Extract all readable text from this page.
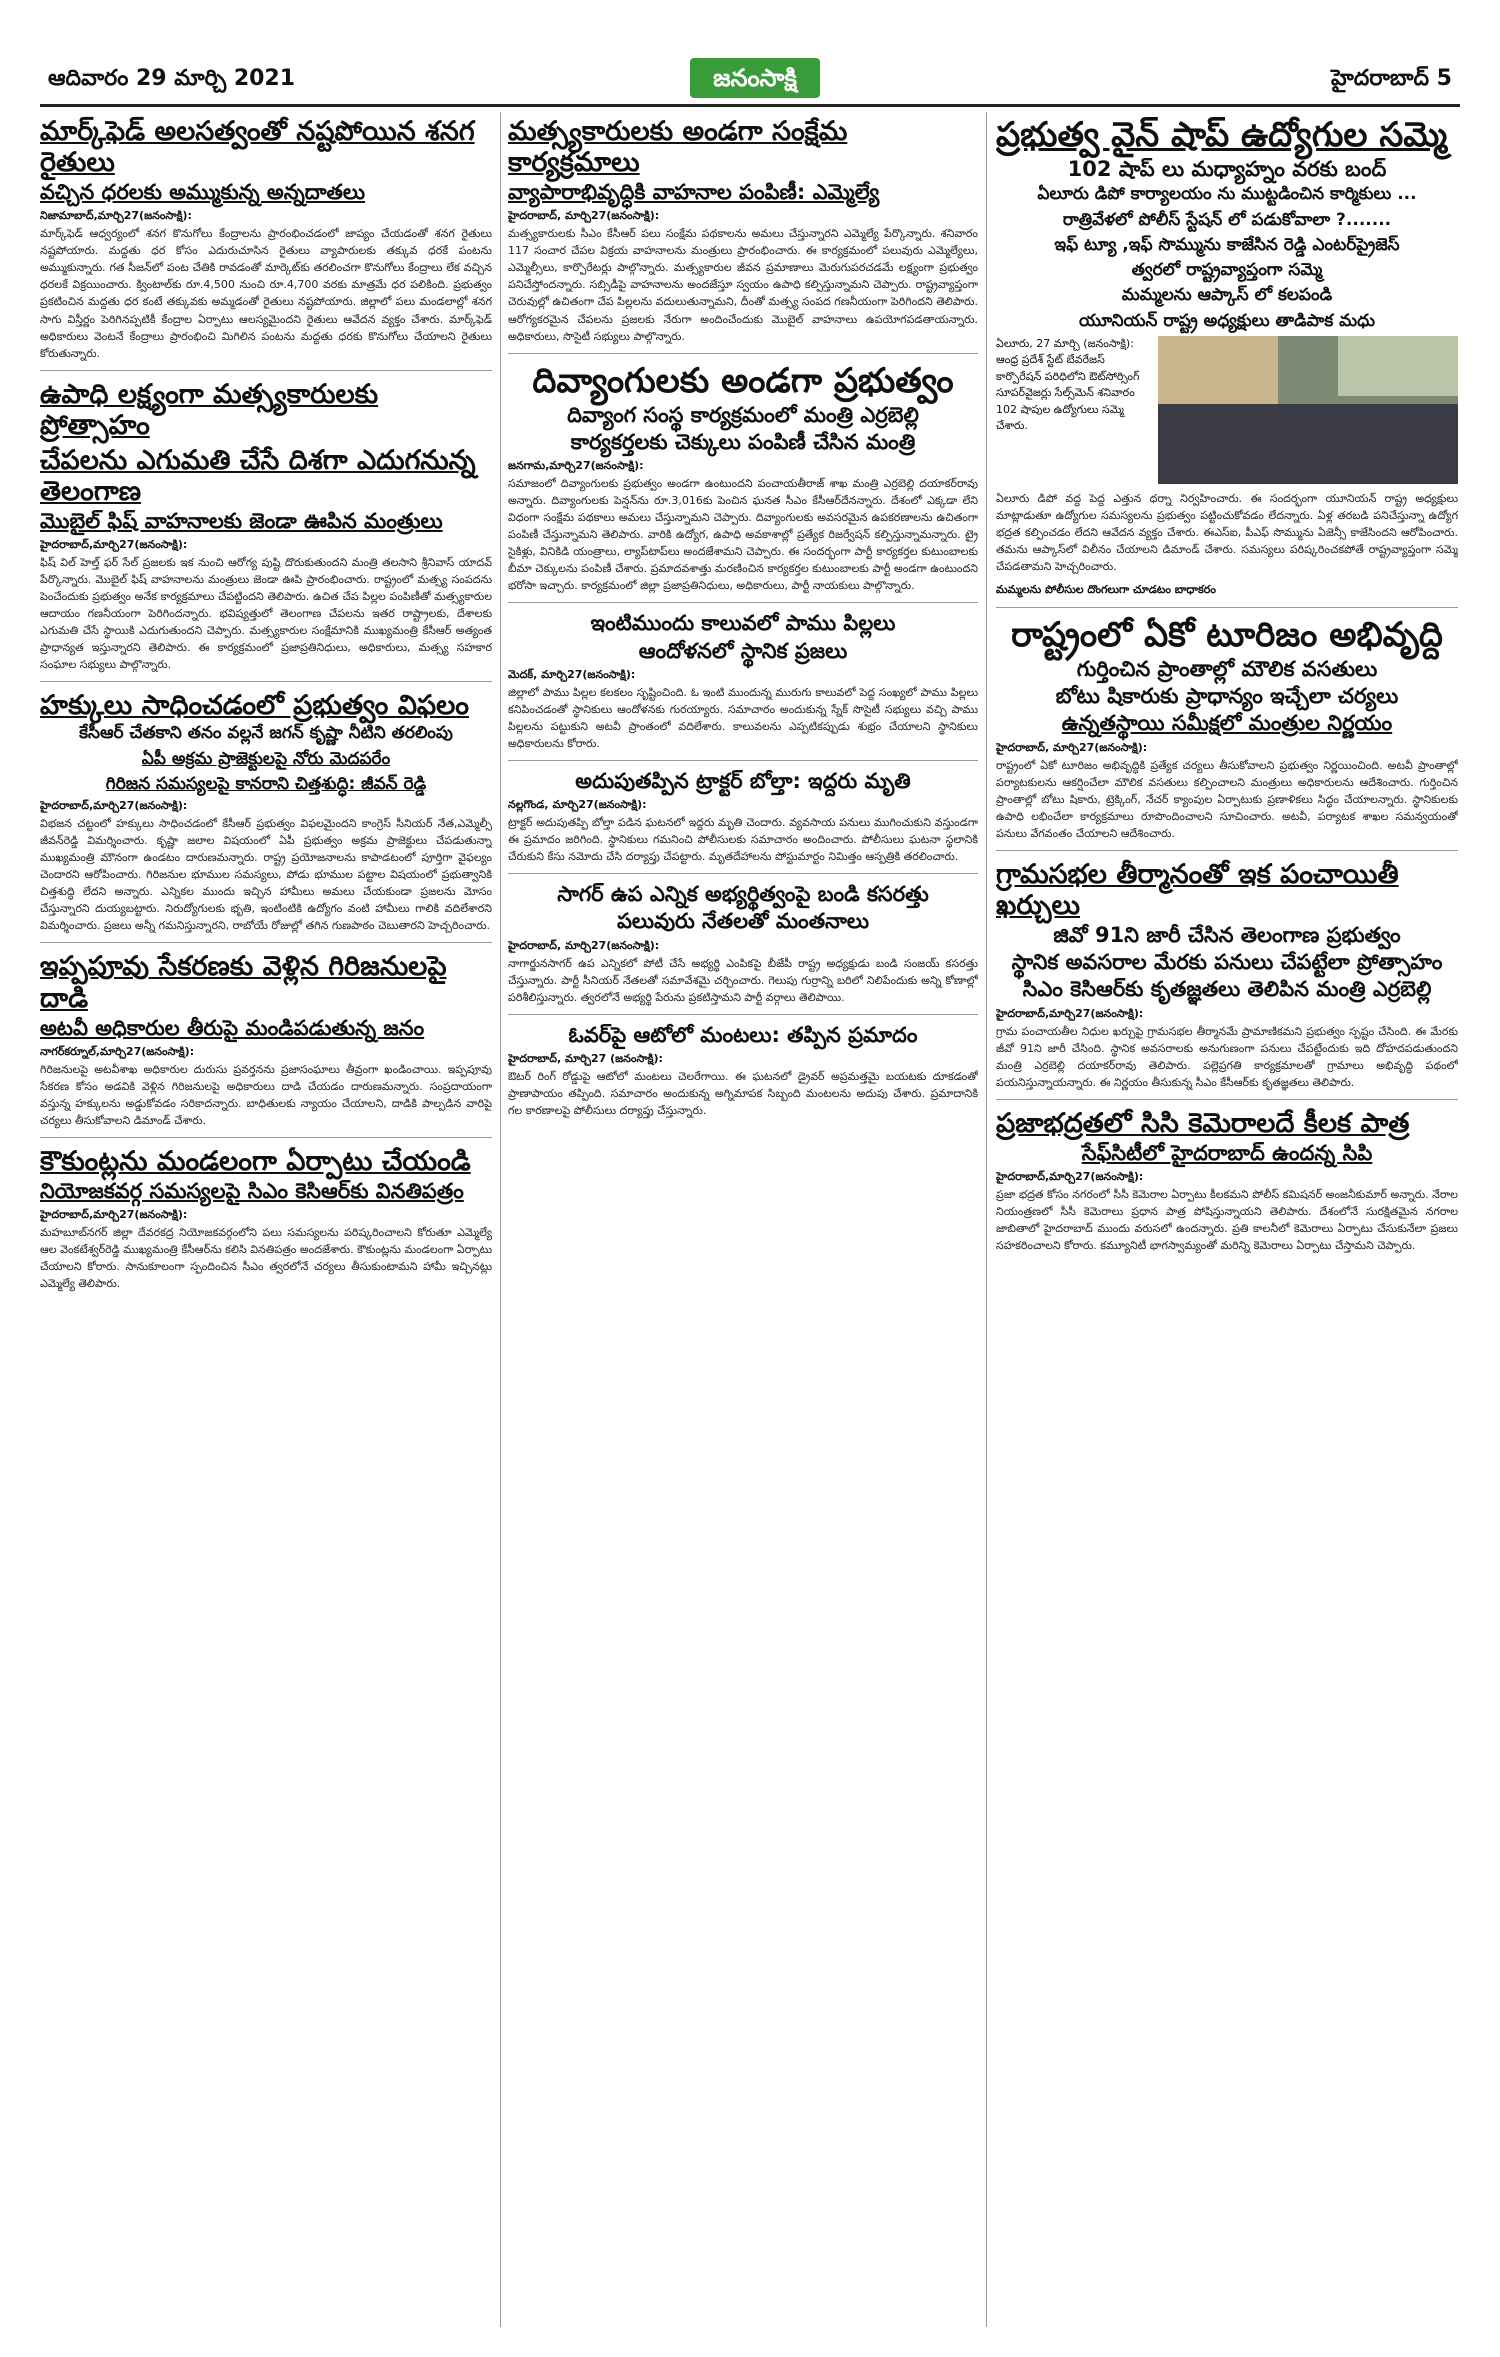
ఆదివారం 29 మార్చి 2021	జనంసాక్షి	హైదరాబాద్ 5
మార్క్‌ఫెడ్ అలసత్వంతో నష్టపోయిన శనగ రైతులు
వచ్చిన ధరలకు అమ్ముకున్న అన్నదాతలు
నిజామాబాద్,మార్చి27(జనంసాక్షి):

మార్క్‌ఫెడ్ ఆధ్వర్యంలో శనగ కొనుగోలు కేంద్రాలను ప్రారంభించడంలో జాప్యం చేయడంతో శనగ రైతులు నష్టపోయారు. మద్దతు ధర కోసం ఎదురుచూసిన రైతులు వ్యాపారులకు తక్కువ ధరకే పంటను అమ్ముకున్నారు. గత సీజన్‌లో పంట చేతికి రావడంతో మార్కెట్‌కు తరలించగా కొనుగోలు కేంద్రాలు లేక వచ్చిన ధరలకే విక్రయించారు. క్వింటాల్‌కు రూ.4,500 నుంచి రూ.4,700 వరకు మాత్రమే ధర పలికింది. ప్రభుత్వం ప్రకటించిన మద్దతు ధర కంటే తక్కువకు అమ్మడంతో రైతులు నష్టపోయారు. జిల్లాలో పలు మండలాల్లో శనగ సాగు విస్తీర్ణం పెరిగినప్పటికీ కేంద్రాల ఏర్పాటు ఆలస్యమైందని రైతులు ఆవేదన వ్యక్తం చేశారు. మార్క్‌ఫెడ్ అధికారులు వెంటనే కేంద్రాలు ప్రారంభించి మిగిలిన పంటను మద్దతు ధరకు కొనుగోలు చేయాలని రైతులు కోరుతున్నారు.

ఉపాధి లక్ష్యంగా మత్స్యకారులకు ప్రోత్సాహం
చేపలను ఎగుమతి చేసే దిశగా ఎదుగనున్న తెలంగాణ
మొబైల్ ఫిష్ వాహనాలకు జెండా ఊపిన మంత్రులు
హైదరాబాద్,మార్చి27(జనంసాక్షి):

ఫిష్ విల్ హెల్త్ ఫర్ సేల్ ప్రజలకు ఇక నుంచి ఆరోగ్య పుష్టి దొరుకుతుందని మంత్రి తలసాని శ్రీనివాస్ యాదవ్ పేర్కొన్నారు. మొబైల్ ఫిష్ వాహనాలను మంత్రులు జెండా ఊపి ప్రారంభించారు. రాష్ట్రంలో మత్స్య సంపదను పెంచేందుకు ప్రభుత్వం అనేక కార్యక్రమాలు చేపట్టిందని తెలిపారు. ఉచిత చేప పిల్లల పంపిణీతో మత్స్యకారుల ఆదాయం గణనీయంగా పెరిగిందన్నారు. భవిష్యత్తులో తెలంగాణ చేపలను ఇతర రాష్ట్రాలకు, దేశాలకు ఎగుమతి చేసే స్థాయికి ఎదుగుతుందని చెప్పారు. మత్స్యకారుల సంక్షేమానికి ముఖ్యమంత్రి కేసీఆర్ అత్యంత ప్రాధాన్యత ఇస్తున్నారని తెలిపారు. ఈ కార్యక్రమంలో ప్రజాప్రతినిధులు, అధికారులు, మత్స్య సహకార సంఘాల సభ్యులు పాల్గొన్నారు.

హక్కులు సాధించడంలో ప్రభుత్వం విఫలం
కేసీఆర్ చేతకాని తనం వల్లనే జగన్ కృష్ణా నీటిని తరలింపు
ఏపీ అక్రమ ప్రాజెక్టులపై నోరు మెదపరేం
గిరిజన సమస్యలపై కానరాని చిత్తశుద్ధి: జీవన్ రెడ్డి
హైదరాబాద్,మార్చి27(జనంసాక్షి):

విభజన చట్టంలో హక్కులు సాధించడంలో కేసీఆర్ ప్రభుత్వం విఫలమైందని కాంగ్రెస్ సీనియర్ నేత,ఎమ్మెల్సీ జీవన్‌రెడ్డి విమర్శించారు. కృష్ణా జలాల విషయంలో ఏపీ ప్రభుత్వం అక్రమ ప్రాజెక్టులు చేపడుతున్నా ముఖ్యమంత్రి మౌనంగా ఉండటం దారుణమన్నారు. రాష్ట్ర ప్రయోజనాలను కాపాడటంలో పూర్తిగా వైఫల్యం చెందారని ఆరోపించారు. గిరిజనుల భూముల సమస్యలు, పోడు భూముల పట్టాల విషయంలో ప్రభుత్వానికి చిత్తశుద్ధి లేదని అన్నారు. ఎన్నికల ముందు ఇచ్చిన హామీలు అమలు చేయకుండా ప్రజలను మోసం చేస్తున్నారని దుయ్యబట్టారు. నిరుద్యోగులకు భృతి, ఇంటింటికి ఉద్యోగం వంటి హామీలు గాలికి వదిలేశారని విమర్శించారు. ప్రజలు అన్నీ గమనిస్తున్నారని, రాబోయే రోజుల్లో తగిన గుణపాఠం చెబుతారని హెచ్చరించారు.

ఇప్పపూవు సేకరణకు వెళ్లిన గిరిజనులపై దాడి
అటవీ అధికారుల తీరుపై మండిపడుతున్న జనం
నాగర్‌కర్నూల్,మార్చి27(జనంసాక్షి):

గిరిజనులపై అటవీశాఖ అధికారుల దురుసు ప్రవర్తనను ప్రజాసంఘాలు తీవ్రంగా ఖండించాయి. ఇప్పపూవు సేకరణ కోసం అడవికి వెళ్లిన గిరిజనులపై అధికారులు దాడి చేయడం దారుణమన్నారు. సంప్రదాయంగా వస్తున్న హక్కులను అడ్డుకోవడం సరికాదన్నారు. బాధితులకు న్యాయం చేయాలని, దాడికి పాల్పడిన వారిపై చర్యలు తీసుకోవాలని డిమాండ్ చేశారు.

కౌకుంట్లను మండలంగా ఏర్పాటు చేయండి
నియోజకవర్గ సమస్యలపై సిఎం కెసిఆర్‌కు వినతిపత్రం
హైదరాబాద్,మార్చి27(జనంసాక్షి):

మహబూబ్‌నగర్ జిల్లా దేవరకద్ర నియోజకవర్గంలోని పలు సమస్యలను పరిష్కరించాలని కోరుతూ ఎమ్మెల్యే ఆల వెంకటేశ్వర్‌రెడ్డి ముఖ్యమంత్రి కేసీఆర్‌ను కలిసి వినతిపత్రం అందజేశారు. కౌకుంట్లను మండలంగా ఏర్పాటు చేయాలని కోరారు. సానుకూలంగా స్పందించిన సీఎం త్వరలోనే చర్యలు తీసుకుంటామని హామీ ఇచ్చినట్లు ఎమ్మెల్యే తెలిపారు.

మత్స్యకారులకు అండగా సంక్షేమ కార్యక్రమాలు
వ్యాపారాభివృద్ధికి వాహనాల పంపిణీ: ఎమ్మెల్యే
హైదరాబాద్, మార్చి27(జనంసాక్షి):

మత్స్యకారులకు సీఎం కేసీఆర్ పలు సంక్షేమ పథకాలను అమలు చేస్తున్నారని ఎమ్మెల్యే పేర్కొన్నారు. శనివారం 117 సంచార చేపల విక్రయ వాహనాలను మంత్రులు ప్రారంభించారు. ఈ కార్యక్రమంలో పలువురు ఎమ్మెల్యేలు, ఎమ్మెల్సీలు, కార్పొరేటర్లు పాల్గొన్నారు. మత్స్యకారుల జీవన ప్రమాణాలు మెరుగుపరచడమే లక్ష్యంగా ప్రభుత్వం పనిచేస్తోందన్నారు. సబ్సిడీపై వాహనాలను అందజేస్తూ స్వయం ఉపాధి కల్పిస్తున్నామని చెప్పారు. రాష్ట్రవ్యాప్తంగా చెరువుల్లో ఉచితంగా చేప పిల్లలను వదులుతున్నామని, దీంతో మత్స్య సంపద గణనీయంగా పెరిగిందని తెలిపారు. ఆరోగ్యకరమైన చేపలను ప్రజలకు నేరుగా అందించేందుకు మొబైల్ వాహనాలు ఉపయోగపడతాయన్నారు. అధికారులు, సొసైటీ సభ్యులు పాల్గొన్నారు.

దివ్యాంగులకు అండగా ప్రభుత్వం
దివ్యాంగ సంస్థ కార్యక్రమంలో మంత్రి ఎర్రబెల్లి
కార్యకర్తలకు చెక్కులు పంపిణీ చేసిన మంత్రి
జనగామ,మార్చి27(జనంసాక్షి):

సమాజంలో దివ్యాంగులకు ప్రభుత్వం అండగా ఉంటుందని పంచాయతీరాజ్ శాఖ మంత్రి ఎర్రబెల్లి దయాకర్‌రావు అన్నారు. దివ్యాంగులకు పెన్షన్‌ను రూ.3,016కు పెంచిన ఘనత సీఎం కేసీఆర్‌దేనన్నారు. దేశంలో ఎక్కడా లేని విధంగా సంక్షేమ పథకాలు అమలు చేస్తున్నామని చెప్పారు. దివ్యాంగులకు అవసరమైన ఉపకరణాలను ఉచితంగా పంపిణీ చేస్తున్నామని తెలిపారు. వారికి ఉద్యోగ, ఉపాధి అవకాశాల్లో ప్రత్యేక రిజర్వేషన్ కల్పిస్తున్నామన్నారు. ట్రై సైకిళ్లు, వినికిడి యంత్రాలు, ల్యాప్‌టాప్‌లు అందజేశామని చెప్పారు. ఈ సందర్భంగా పార్టీ కార్యకర్తల కుటుంబాలకు బీమా చెక్కులను పంపిణీ చేశారు. ప్రమాదవశాత్తు మరణించిన కార్యకర్తల కుటుంబాలకు పార్టీ అండగా ఉంటుందని భరోసా ఇచ్చారు. కార్యక్రమంలో జిల్లా ప్రజాప్రతినిధులు, అధికారులు, పార్టీ నాయకులు పాల్గొన్నారు.

ఇంటిముందు కాలువలో పాము పిల్లలు
ఆందోళనలో స్థానిక ప్రజలు
మెదక్, మార్చి27(జనంసాక్షి):

జిల్లాలో పాము పిల్లల కలకలం సృష్టించింది. ఓ ఇంటి ముందున్న మురుగు కాలువలో పెద్ద సంఖ్యలో పాము పిల్లలు కనిపించడంతో స్థానికులు ఆందోళనకు గురయ్యారు. సమాచారం అందుకున్న స్నేక్ సొసైటీ సభ్యులు వచ్చి పాము పిల్లలను పట్టుకుని అటవీ ప్రాంతంలో వదిలేశారు. కాలువలను ఎప్పటికప్పుడు శుభ్రం చేయాలని స్థానికులు అధికారులను కోరారు.

అదుపుతప్పిన ట్రాక్టర్ బోల్తా: ఇద్దరు మృతి
నల్లగొండ, మార్చి27(జనంసాక్షి):

ట్రాక్టర్ అదుపుతప్పి బోల్తా పడిన ఘటనలో ఇద్దరు మృతి చెందారు. వ్యవసాయ పనులు ముగించుకుని వస్తుండగా ఈ ప్రమాదం జరిగింది. స్థానికులు గమనించి పోలీసులకు సమాచారం అందించారు. పోలీసులు ఘటనా స్థలానికి చేరుకుని కేసు నమోదు చేసి దర్యాప్తు చేపట్టారు. మృతదేహాలను పోస్టుమార్టం నిమిత్తం ఆస్పత్రికి తరలించారు.

సాగర్ ఉప ఎన్నిక అభ్యర్థిత్వంపై బండి కసరత్తు
పలువురు నేతలతో మంతనాలు
హైదరాబాద్, మార్చి27(జనంసాక్షి):

నాగార్జునసాగర్ ఉప ఎన్నికలో పోటీ చేసే అభ్యర్థి ఎంపికపై బీజేపీ రాష్ట్ర అధ్యక్షుడు బండి సంజయ్ కసరత్తు చేస్తున్నారు. పార్టీ సీనియర్ నేతలతో సమావేశమై చర్చించారు. గెలుపు గుర్రాన్ని బరిలో నిలిపేందుకు అన్ని కోణాల్లో పరిశీలిస్తున్నారు. త్వరలోనే అభ్యర్థి పేరును ప్రకటిస్తామని పార్టీ వర్గాలు తెలిపాయి.

ఓవర్‌పై ఆటోలో మంటలు: తప్పిన ప్రమాదం
హైదరాబాద్, మార్చి27 (జనంసాక్షి):

ఔటర్ రింగ్ రోడ్డుపై ఆటోలో మంటలు చెలరేగాయి. ఈ ఘటనలో డ్రైవర్ అప్రమత్తమై బయటకు దూకడంతో ప్రాణాపాయం తప్పింది. సమాచారం అందుకున్న అగ్నిమాపక సిబ్బంది మంటలను అదుపు చేశారు. ప్రమాదానికి గల కారణాలపై పోలీసులు దర్యాప్తు చేస్తున్నారు.

ప్రభుత్వ వైన్ షాప్ ఉద్యోగుల సమ్మె
102 షాప్ లు మధ్యాహ్నం వరకు బంద్
ఏలూరు డిపో కార్యాలయం ను ముట్టడించిన కార్మికులు ...
రాత్రివేళలో పోలీస్ స్టేషన్ లో పడుకోవాలా ?.......
ఇఫ్ ట్యూ ,ఇఫ్ సొమ్మును కాజేసిన రెడ్డి ఎంటర్‌ప్రైజెస్
త్వరలో రాష్ట్రవ్యాప్తంగా సమ్మె
మమ్మలను ఆప్కాస్ లో కలపండి
యూనియన్ రాష్ట్ర అధ్యక్షులు తాడిపాక మధు
ఏలూరు, 27 మార్చి (జనంసాక్షి): ఆంధ్ర ప్రదేశ్ స్టేట్ బేవరేజస్ కార్పొరేషన్ పరిధిలోని ఔట్‌సోర్సింగ్ సూపర్‌వైజర్లు సేల్స్‌మెన్ శనివారం 102 షాపుల ఉద్యోగులు సమ్మె చేశారు.

ఏలూరు డిపో వద్ద పెద్ద ఎత్తున ధర్నా నిర్వహించారు. ఈ సందర్భంగా యూనియన్ రాష్ట్ర అధ్యక్షులు మాట్లాడుతూ ఉద్యోగుల సమస్యలను ప్రభుత్వం పట్టించుకోవడం లేదన్నారు. ఏళ్ల తరబడి పనిచేస్తున్నా ఉద్యోగ భద్రత కల్పించడం లేదని ఆవేదన వ్యక్తం చేశారు. ఈఎస్ఐ, పీఎఫ్ సొమ్మును ఏజెన్సీ కాజేసిందని ఆరోపించారు. తమను ఆప్కాస్‌లో విలీనం చేయాలని డిమాండ్ చేశారు. సమస్యలు పరిష్కరించకపోతే రాష్ట్రవ్యాప్తంగా సమ్మె చేపడతామని హెచ్చరించారు.

మమ్మలను పోలీసుల దొంగలుగా చూడటం బాధాకరం
రాష్ట్రంలో ఏకో టూరిజం అభివృద్ది
గుర్తించిన ప్రాంతాల్లో మౌలిక వసతులు
బోటు షికారుకు ప్రాధాన్యం ఇచ్చేలా చర్యలు
ఉన్నతస్థాయి సమీక్షలో మంత్రుల నిర్ణయం
హైదరాబాద్, మార్చి27(జనంసాక్షి):

రాష్ట్రంలో ఏకో టూరిజం అభివృద్ధికి ప్రత్యేక చర్యలు తీసుకోవాలని ప్రభుత్వం నిర్ణయించింది. అటవీ ప్రాంతాల్లో పర్యాటకులను ఆకర్షించేలా మౌలిక వసతులు కల్పించాలని మంత్రులు అధికారులను ఆదేశించారు. గుర్తించిన ప్రాంతాల్లో బోటు షికారు, ట్రెక్కింగ్, నేచర్ క్యాంపుల ఏర్పాటుకు ప్రణాళికలు సిద్ధం చేయాలన్నారు. స్థానికులకు ఉపాధి లభించేలా కార్యక్రమాలు రూపొందించాలని సూచించారు. అటవీ, పర్యాటక శాఖల సమన్వయంతో పనులు వేగవంతం చేయాలని ఆదేశించారు.

గ్రామసభల తీర్మానంతో ఇక పంచాయితీ ఖర్చులు
జివో 91ని జారీ చేసిన తెలంగాణ ప్రభుత్వం
స్థానిక అవసరాల మేరకు పనులు చేపట్టేలా ప్రోత్సాహం
సిఎం కెసిఆర్‌కు కృతజ్ఞతలు తెలిపిన మంత్రి ఎర్రబెల్లి
హైదరాబాద్,మార్చి27(జనంసాక్షి):

గ్రామ పంచాయతీల నిధుల ఖర్చుపై గ్రామసభల తీర్మానమే ప్రామాణికమని ప్రభుత్వం స్పష్టం చేసింది. ఈ మేరకు జీవో 91ని జారీ చేసింది. స్థానిక అవసరాలకు అనుగుణంగా పనులు చేపట్టేందుకు ఇది దోహదపడుతుందని మంత్రి ఎర్రబెల్లి దయాకర్‌రావు తెలిపారు. పల్లెప్రగతి కార్యక్రమాలతో గ్రామాలు అభివృద్ధి పథంలో పయనిస్తున్నాయన్నారు. ఈ నిర్ణయం తీసుకున్న సీఎం కేసీఆర్‌కు కృతజ్ఞతలు తెలిపారు.

ప్రజాభద్రతలో సిసి కెమెరాలదే కీలక పాత్ర
సేఫ్‌సిటీలో హైదరాబాద్ ఉందన్న సిపి
హైదరాబాద్,మార్చి27(జనంసాక్షి):

ప్రజా భద్రత కోసం నగరంలో సీసీ కెమెరాల ఏర్పాటు కీలకమని పోలీస్ కమిషనర్ అంజనీకుమార్ అన్నారు. నేరాల నియంత్రణలో సీసీ కెమెరాలు ప్రధాన పాత్ర పోషిస్తున్నాయని తెలిపారు. దేశంలోనే సురక్షితమైన నగరాల జాబితాలో హైదరాబాద్ ముందు వరుసలో ఉందన్నారు. ప్రతి కాలనీలో కెమెరాలు ఏర్పాటు చేసుకునేలా ప్రజలు సహకరించాలని కోరారు. కమ్యూనిటీ భాగస్వామ్యంతో మరిన్ని కెమెరాలు ఏర్పాటు చేస్తామని చెప్పారు.
